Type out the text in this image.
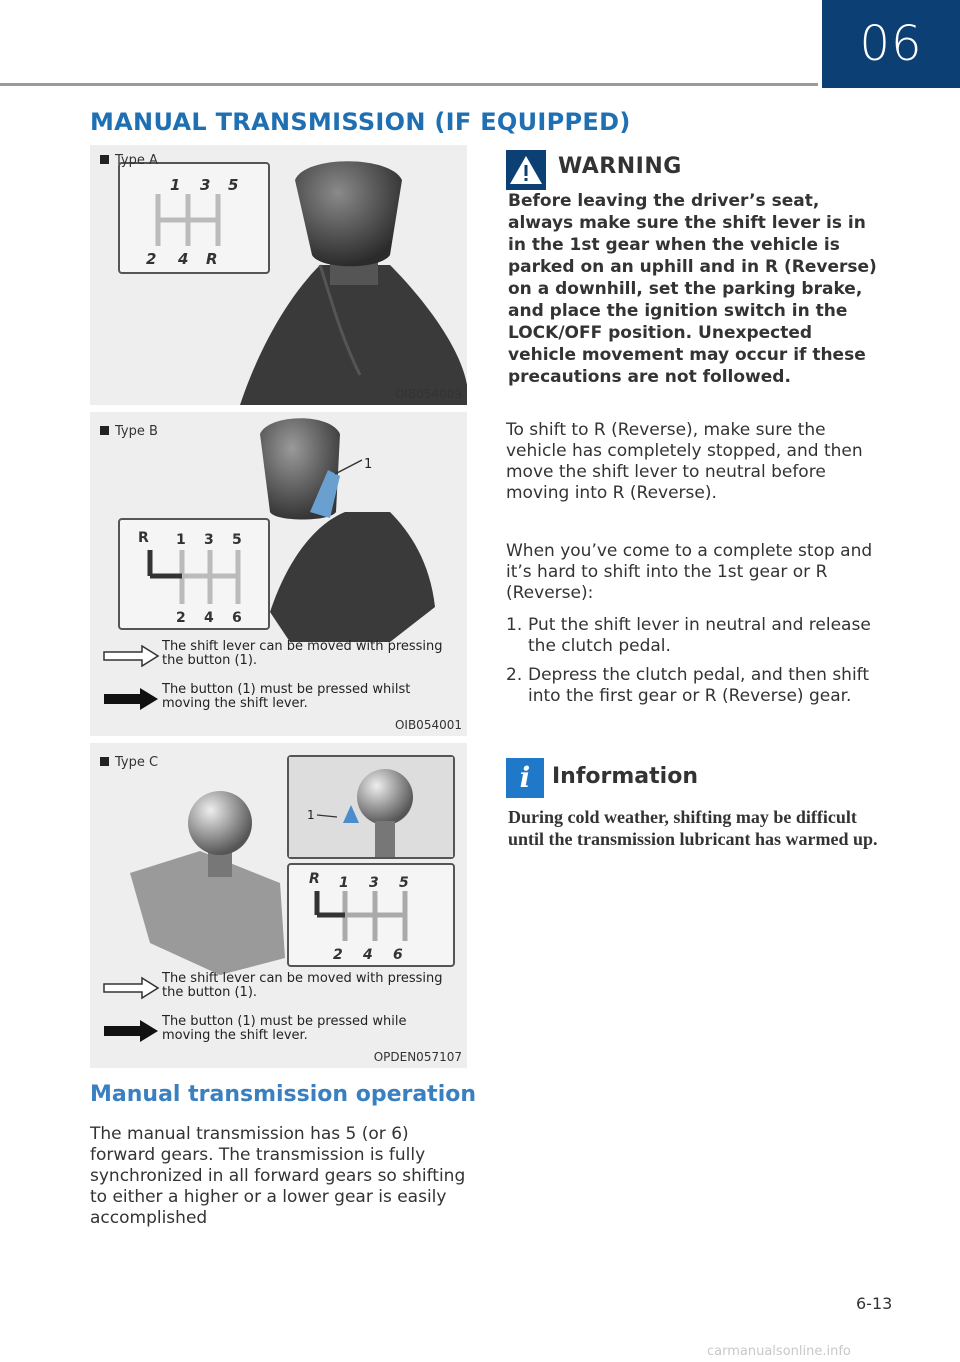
06
MANUAL TRANSMISSION (IF EQUIPPED)
1 3 5
2 4 R
Type A
OIB054009
1
R 1 3 5
2 4 6
The shift lever can be moved with pressing the button (1).
The button (1) must be pressed whilst moving the shift lever.
Type B
OIB054001
1
R 1 3 5
2 4 6
The shift lever can be moved with pressing the button (1).
The button (1) must be pressed while moving the shift lever.
Type C
OPDEN057107
Manual transmission operation

The manual transmission has 5 (or 6) forward gears. The transmission is fully synchronized in all forward gears so shifting to either a higher or a lower gear is easily accomplished

WARNING

Before leaving the driver’s seat, always make sure the shift lever is in in the 1st gear when the vehicle is parked on an uphill and in R (Reverse) on a downhill, set the parking brake, and place the ignition switch in the LOCK/OFF position. Unexpected vehicle movement may occur if these precautions are not followed.

To shift to R (Reverse), make sure the vehicle has completely stopped, and then move the shift lever to neutral before moving into R (Reverse).

When you’ve come to a complete stop and it’s hard to shift into the 1st gear or R (Reverse):

1. Put the shift lever in neutral and release the clutch pedal.
2. Depress the clutch pedal, and then shift into the first gear or R (Reverse) gear.
i Information

During cold weather, shifting may be difficult until the transmission lubricant has warmed up.

6-13
carmanualsonline.info
